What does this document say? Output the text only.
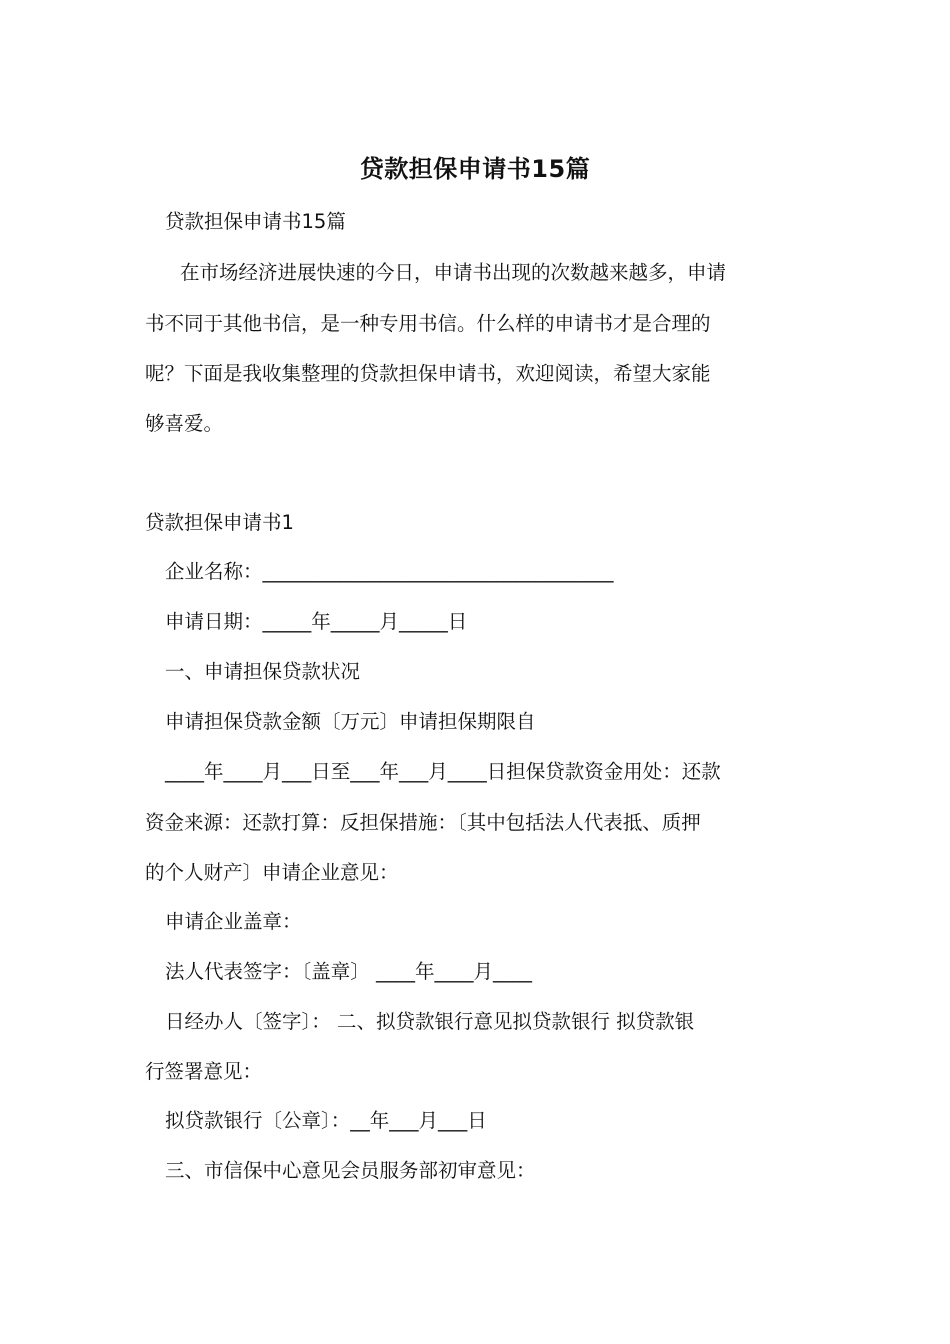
贷款担保申请书15篇
贷款担保申请书15篇
在市场经济进展快速的今日，申请书出现的次数越来越多，申请
书不同于其他书信，是一种专用书信。什么样的申请书才是合理的
呢？下面是我收集整理的贷款担保申请书，欢迎阅读，希望大家能
够喜爱。
贷款担保申请书1
企业名称：____________________________________
申请日期：_____年_____月_____日
一、申请担保贷款状况
申请担保贷款金额〔万元〕申请担保期限自
____年____月___日至___年___月____日担保贷款资金用处：还款
资金来源：还款打算：反担保措施：〔其中包括法人代表抵、质押
的个人财产〕申请企业意见：
申请企业盖章：
法人代表签字：〔盖章〕 ____年____月____
日经办人〔签字〕： 二、拟贷款银行意见拟贷款银行 拟贷款银
行签署意见：
拟贷款银行〔公章〕：__年___月___日
三、市信保中心意见会员服务部初审意见：
